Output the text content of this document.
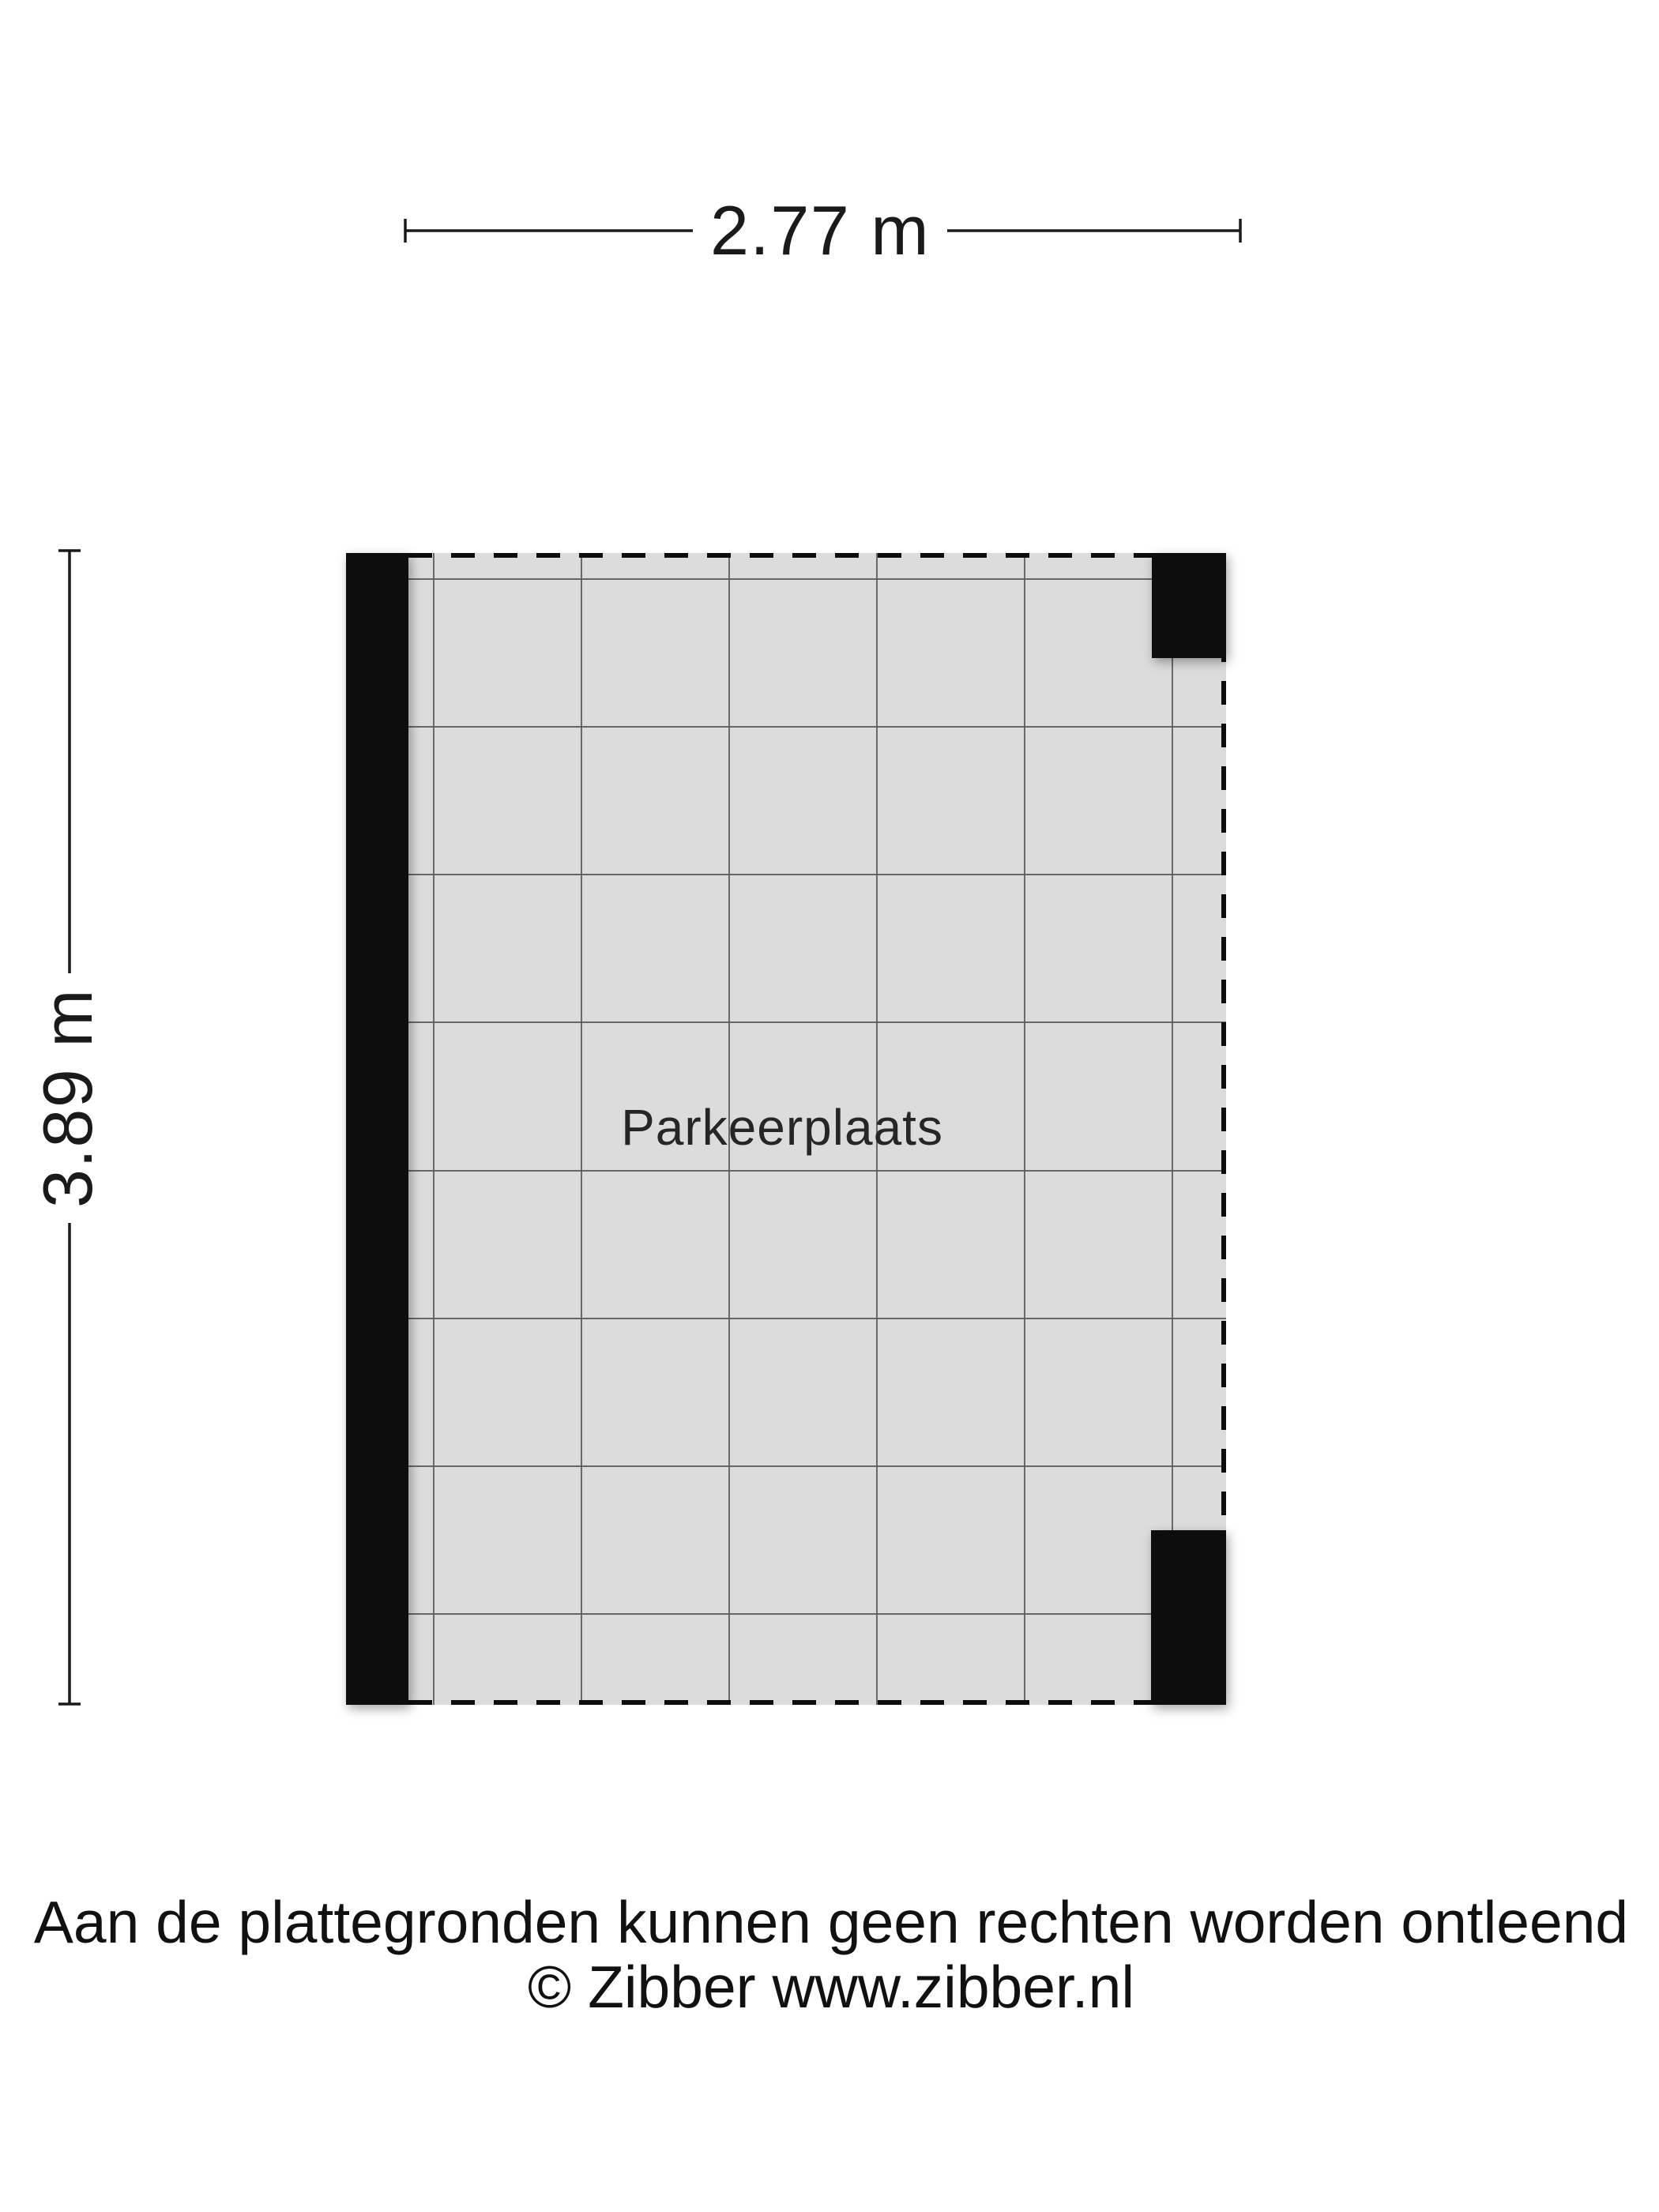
2.77 m
3.89 m	Parkeerplaats
Aan de plattegronden kunnen geen rechten worden ontleend
© Zibber www.zibber.nl
